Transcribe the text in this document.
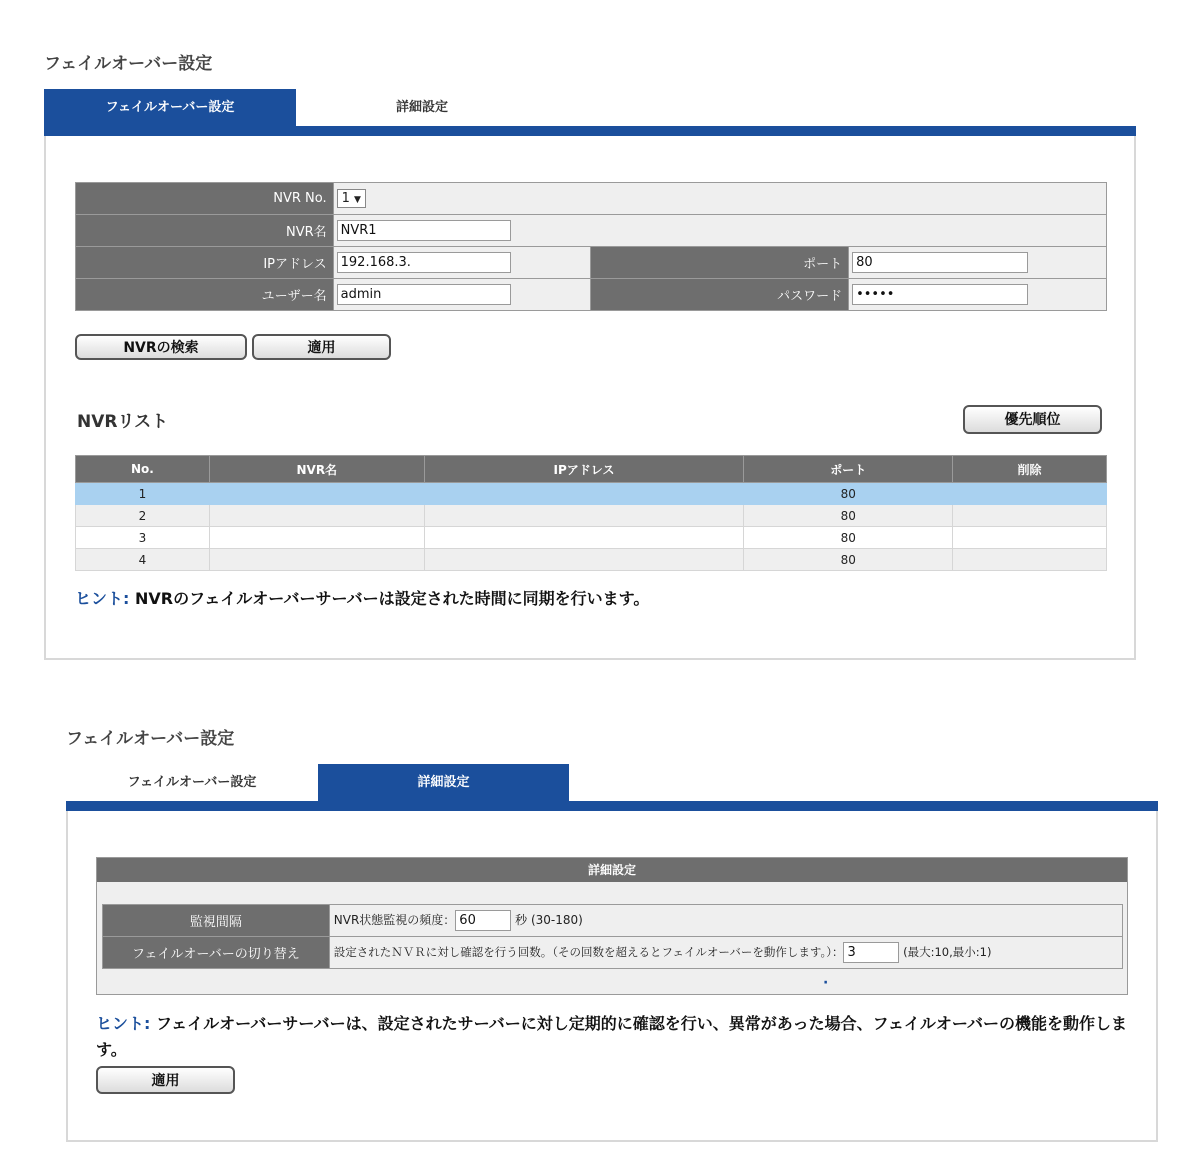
フェイルオーバー設定
フェイルオーバー設定	詳細設定
NVR No.	1 ▼		
NVR名	NVR1		
IPアドレス	192.168.3.	ポート	80
ユーザー名	admin	パスワード	•••••
NVRの検索	適用
NVRリスト	優先順位
No.	NVR名	IPアドレス	ポート	削除
1			80	
2			80	
3			80	
4			80	
ヒント: NVRのフェイルオーバーサーバーは設定された時間に同期を行います。
フェイルオーバー設定
フェイルオーバー設定	詳細設定
詳細設定
監視間隔	NVR状態監視の頻度： 60 秒 (30-180)
フェイルオーバーの切り替え	設定されたＮＶＲに対し確認を行う回数。（その回数を超えるとフェイルオーバーを動作します。）： 3 (最大:10,最小:1)
·
ヒント: フェイルオーバーサーバーは、設定されたサーバーに対し定期的に確認を行い、異常があった場合、フェイルオーバーの機能を動作します。
適用
